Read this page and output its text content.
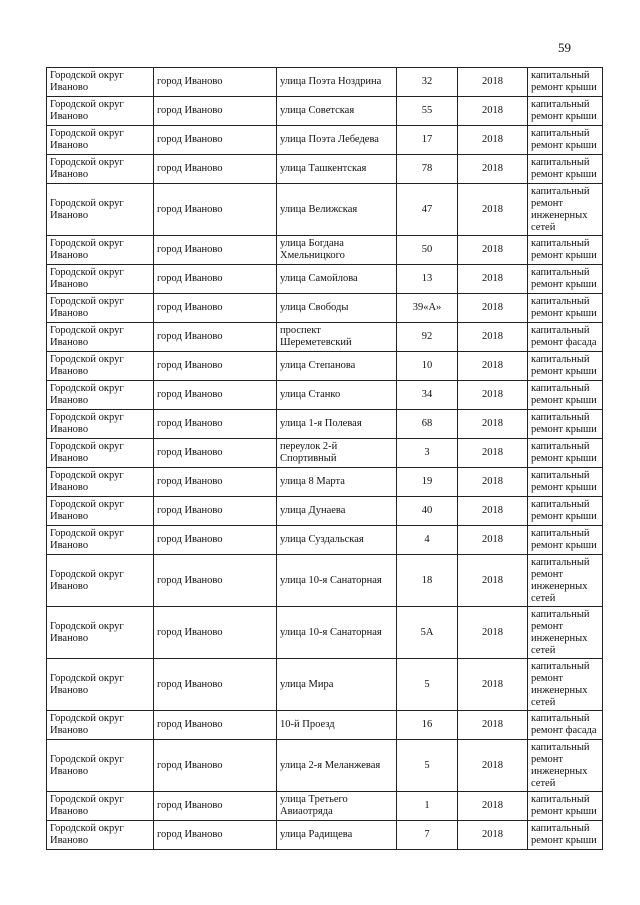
59
Городской округ Иваново	город Иваново	улица Поэта Ноздрина	32	2018	капитальный ремонт крыши
Городской округ Иваново	город Иваново	улица Советская	55	2018	капитальный ремонт крыши
Городской округ Иваново	город Иваново	улица Поэта Лебедева	17	2018	капитальный ремонт крыши
Городской округ Иваново	город Иваново	улица Ташкентская	78	2018	капитальный ремонт крыши
Городской округ Иваново	город Иваново	улица Велижская	47	2018	капитальный ремонт инженерных сетей
Городской округ Иваново	город Иваново	улица Богдана Хмельницкого	50	2018	капитальный ремонт крыши
Городской округ Иваново	город Иваново	улица Самойлова	13	2018	капитальный ремонт крыши
Городской округ Иваново	город Иваново	улица Свободы	39«А»	2018	капитальный ремонт крыши
Городской округ Иваново	город Иваново	проспект Шереметевский	92	2018	капитальный ремонт фасада
Городской округ Иваново	город Иваново	улица Степанова	10	2018	капитальный ремонт крыши
Городской округ Иваново	город Иваново	улица Станко	34	2018	капитальный ремонт крыши
Городской округ Иваново	город Иваново	улица 1-я Полевая	68	2018	капитальный ремонт крыши
Городской округ Иваново	город Иваново	переулок 2-й Спортивный	3	2018	капитальный ремонт крыши
Городской округ Иваново	город Иваново	улица 8 Марта	19	2018	капитальный ремонт крыши
Городской округ Иваново	город Иваново	улица Дунаева	40	2018	капитальный ремонт крыши
Городской округ Иваново	город Иваново	улица Суздальская	4	2018	капитальный ремонт крыши
Городской округ Иваново	город Иваново	улица 10-я Санаторная	18	2018	капитальный ремонт инженерных сетей
Городской округ Иваново	город Иваново	улица 10-я Санаторная	5А	2018	капитальный ремонт инженерных сетей
Городской округ Иваново	город Иваново	улица Мира	5	2018	капитальный ремонт инженерных сетей
Городской округ Иваново	город Иваново	10-й Проезд	16	2018	капитальный ремонт фасада
Городской округ Иваново	город Иваново	улица 2-я Меланжевая	5	2018	капитальный ремонт инженерных сетей
Городской округ Иваново	город Иваново	улица Третьего Авиаотряда	1	2018	капитальный ремонт крыши
Городской округ Иваново	город Иваново	улица Радищева	7	2018	капитальный ремонт крыши
